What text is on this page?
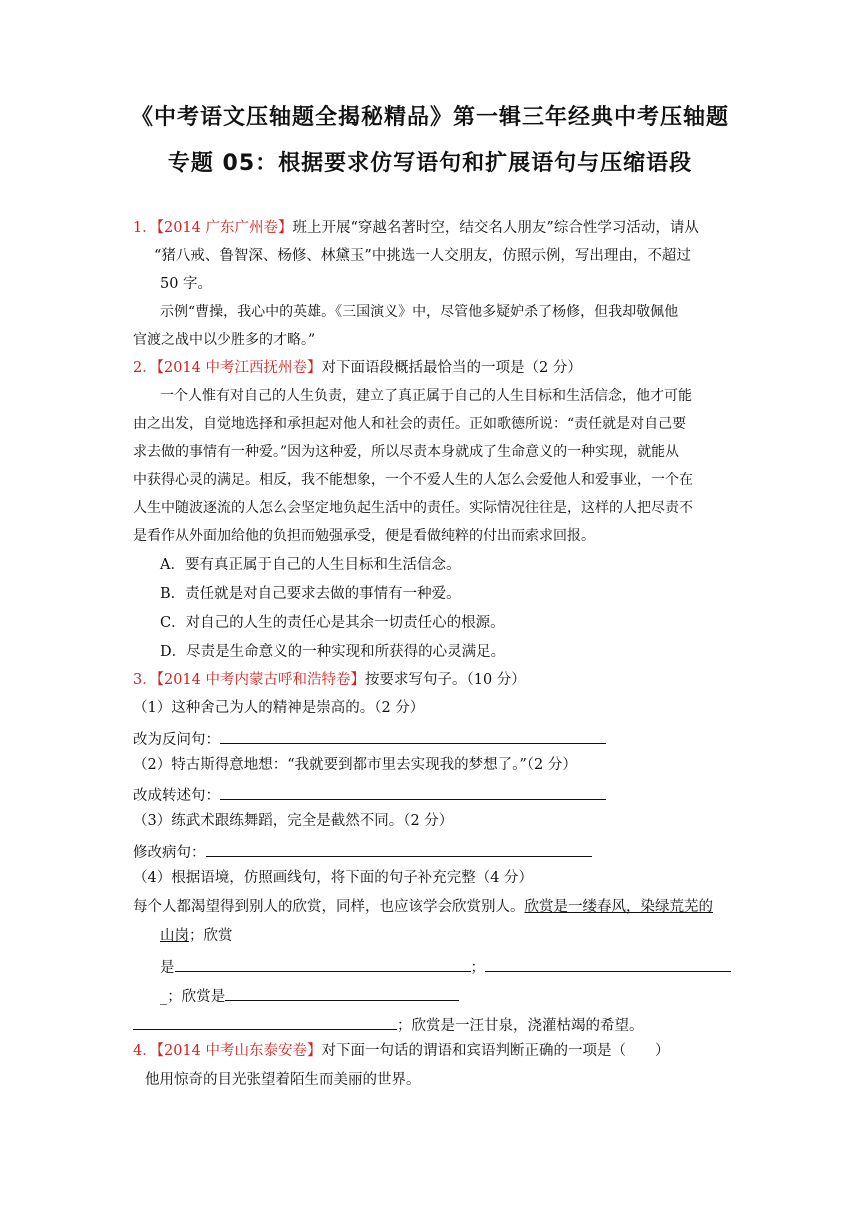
《中考语文压轴题全揭秘精品》第一辑三年经典中考压轴题
专题 05：根据要求仿写语句和扩展语句与压缩语段
1．【2014 广东广州卷】班上开展“穿越名著时空，结交名人朋友”综合性学习活动，请从
“猪八戒、鲁智深、杨修、林黛玉”中挑选一人交朋友，仿照示例，写出理由，不超过
50 字。
示例“曹操，我心中的英雄。《三国演义》中，尽管他多疑妒杀了杨修，但我却敬佩他
官渡之战中以少胜多的才略。”
2．【2014 中考江西抚州卷】对下面语段概括最恰当的一项是（2 分）
一个人惟有对自己的人生负责，建立了真正属于自己的人生目标和生活信念，他才可能
由之出发，自觉地选择和承担起对他人和社会的责任。正如歌德所说：“责任就是对自己要
求去做的事情有一种爱。”因为这种爱，所以尽责本身就成了生命意义的一种实现，就能从
中获得心灵的满足。相反，我不能想象，一个不爱人生的人怎么会爱他人和爱事业，一个在
人生中随波逐流的人怎么会坚定地负起生活中的责任。实际情况往往是，这样的人把尽责不
是看作从外面加给他的负担而勉强承受，便是看做纯粹的付出而索求回报。
A．要有真正属于自己的人生目标和生活信念。
B．责任就是对自己要求去做的事情有一种爱。
C．对自己的人生的责任心是其余一切责任心的根源。
D．尽责是生命意义的一种实现和所获得的心灵满足。
3．【2014 中考内蒙古呼和浩特卷】按要求写句子。（10 分）
（1）这种舍己为人的精神是崇高的。（2 分）
改为反问句：
（2）特古斯得意地想：“我就要到都市里去实现我的梦想了。”（2 分）
改成转述句：
（3）练武术跟练舞蹈，完全是截然不同。（2 分）
修改病句：
（4）根据语境，仿照画线句，将下面的句子补充完整（4 分）
每个人都渴望得到别人的欣赏，同样，也应该学会欣赏别人。欣赏是一缕春风，染绿荒芜的
山岗；欣赏
是	；
_；欣赏是
；欣赏是一汪甘泉，浇灌枯竭的希望。
4．【2014 中考山东泰安卷】对下面一句话的谓语和宾语判断正确的一项是（　　）
他用惊奇的目光张望着陌生而美丽的世界。
